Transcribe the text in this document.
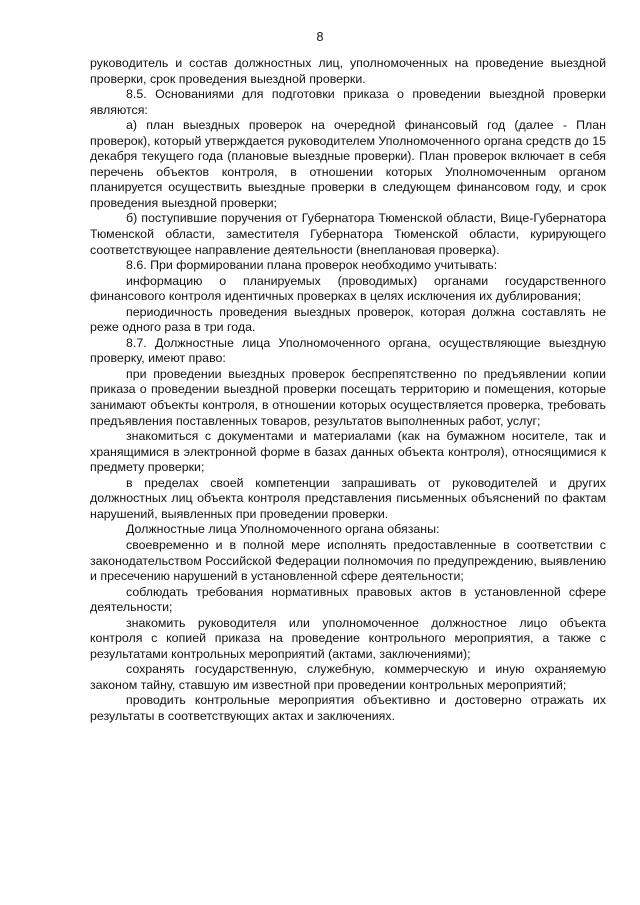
8

руководитель и состав должностных лиц, уполномоченных на проведение выездной проверки, срок проведения выездной проверки.

8.5. Основаниями для подготовки приказа о проведении выездной проверки являются:

а) план выездных проверок на очередной финансовый год (далее - План проверок), который утверждается руководителем Уполномоченного органа средств до 15 декабря текущего года (плановые выездные проверки). План проверок включает в себя перечень объектов контроля, в отношении которых Уполномоченным органом планируется осуществить выездные проверки в следующем финансовом году, и срок проведения выездной проверки;

б) поступившие поручения от Губернатора Тюменской области, Вице-Губернатора Тюменской области, заместителя Губернатора Тюменской области, курирующего соответствующее направление деятельности (внеплановая проверка).

8.6. При формировании плана проверок необходимо учитывать:

информацию о планируемых (проводимых) органами государственного финансового контроля идентичных проверках в целях исключения их дублирования;

периодичность проведения выездных проверок, которая должна составлять не реже одного раза в три года.

8.7. Должностные лица Уполномоченного органа, осуществляющие выездную проверку, имеют право:

при проведении выездных проверок беспрепятственно по предъявлении копии приказа о проведении выездной проверки посещать территорию и помещения, которые занимают объекты контроля, в отношении которых осуществляется проверка, требовать предъявления поставленных товаров, результатов выполненных работ, услуг;

знакомиться с документами и материалами (как на бумажном носителе, так и хранящимися в электронной форме в базах данных объекта контроля), относящимися к предмету проверки;

в пределах своей компетенции запрашивать от руководителей и других должностных лиц объекта контроля представления письменных объяснений по фактам нарушений, выявленных при проведении проверки.

Должностные лица Уполномоченного органа обязаны:

своевременно и в полной мере исполнять предоставленные в соответствии с законодательством Российской Федерации полномочия по предупреждению, выявлению и пресечению нарушений в установленной сфере деятельности;

соблюдать требования нормативных правовых актов в установленной сфере деятельности;

знакомить руководителя или уполномоченное должностное лицо объекта контроля с копией приказа на проведение контрольного мероприятия, а также с результатами контрольных мероприятий (актами, заключениями);

сохранять государственную, служебную, коммерческую и иную охраняемую законом тайну, ставшую им известной при проведении контрольных мероприятий;

проводить контрольные мероприятия объективно и достоверно отражать их результаты в соответствующих актах и заключениях.
